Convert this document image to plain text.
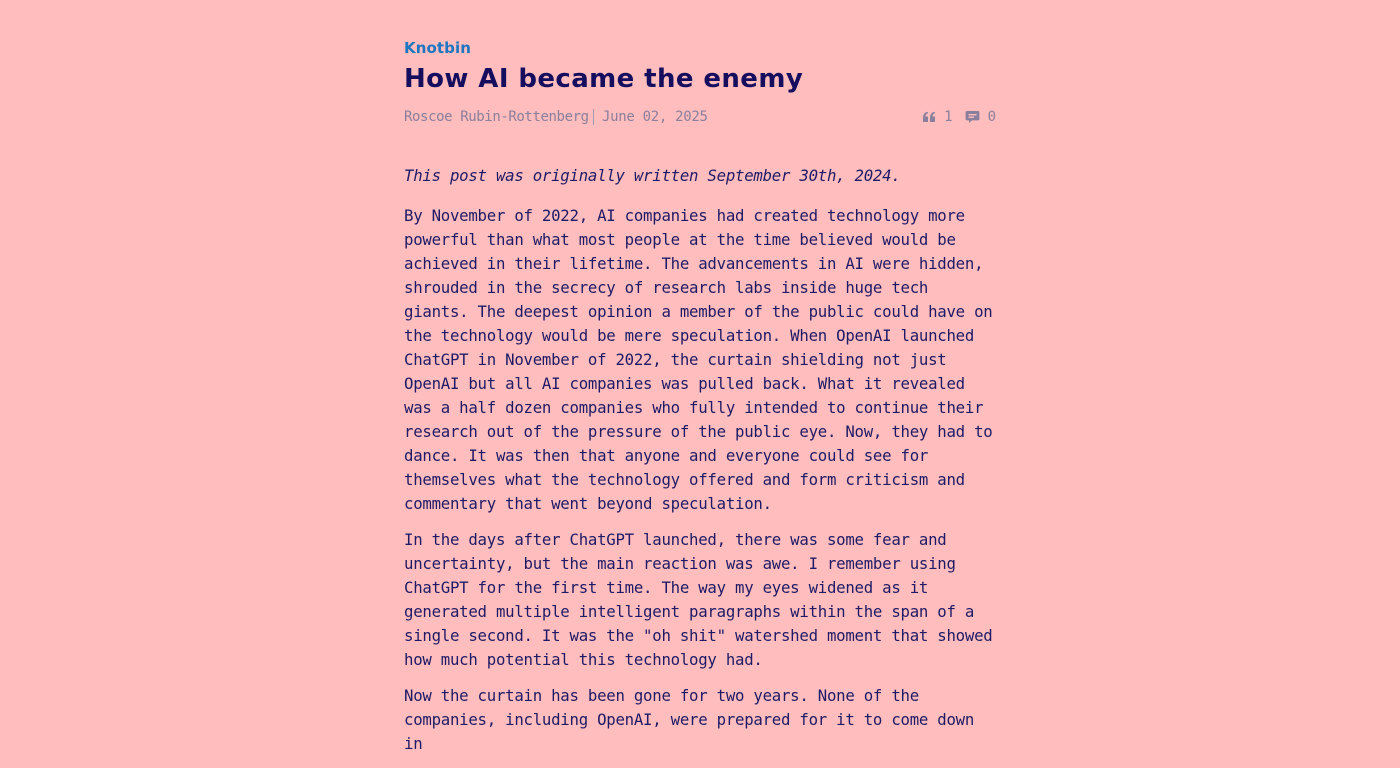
Knotbin
How AI became the enemy
Roscoe Rubin-Rottenberg June 02, 2025	1	0

This post was originally written September 30th, 2024.

By November of 2022, AI companies had created technology more powerful than what most people at the time believed would be achieved in their lifetime. The advancements in AI were hidden, shrouded in the secrecy of research labs inside huge tech giants. The deepest opinion a member of the public could have on the technology would be mere speculation. When OpenAI launched ChatGPT in November of 2022, the curtain shielding not just OpenAI but all AI companies was pulled back. What it revealed was a half dozen companies who fully intended to continue their research out of the pressure of the public eye. Now, they had to dance. It was then that anyone and everyone could see for themselves what the technology offered and form criticism and commentary that went beyond speculation.

In the days after ChatGPT launched, there was some fear and uncertainty, but the main reaction was awe. I remember using ChatGPT for the first time. The way my eyes widened as it generated multiple intelligent paragraphs within the span of a single second. It was the "oh shit" watershed moment that showed how much potential this technology had.

Now the curtain has been gone for two years. None of the companies, including OpenAI, were prepared for it to come down in
